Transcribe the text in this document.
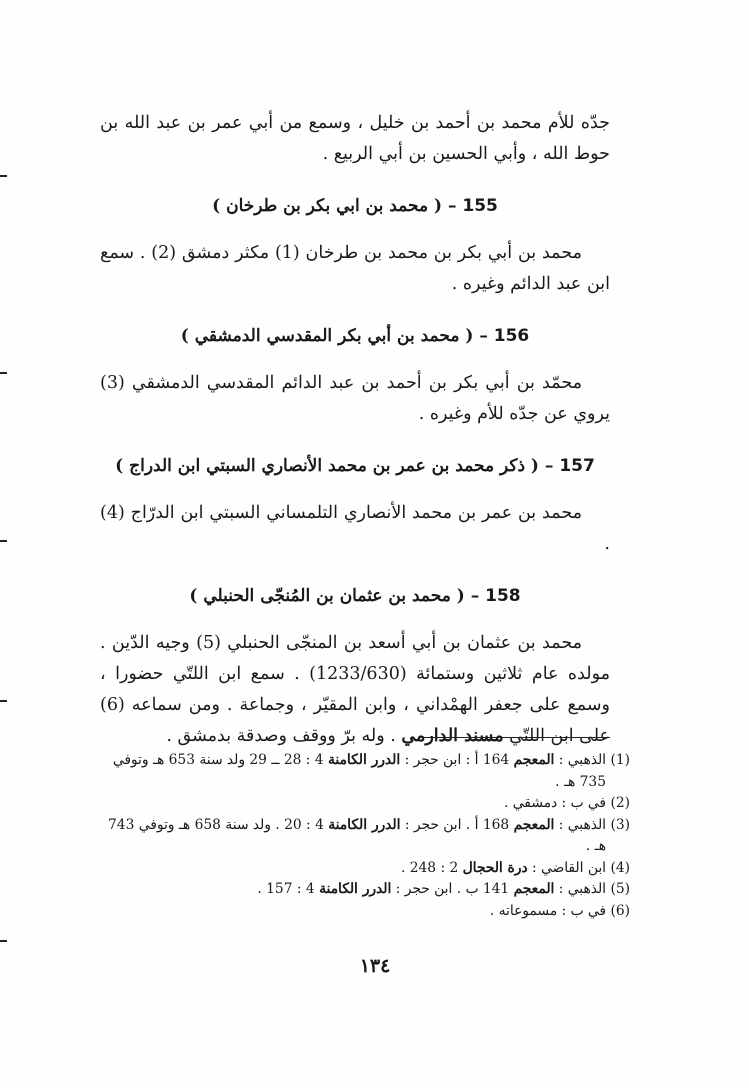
جدّه للأم محمد بن أحمد بن خليل ، وسمع من أبي عمر بن عبد الله بن حوط الله ، وأبي الحسين بن أبي الربيع .

155 – ( محمد بن ابي بكر بن طرخان )

محمد بن أبي بكر بن محمد بن طرخان (1) مكثر دمشق (2) . سمع ابن عبد الدائم وغيره .

156 – ( محمد بن أبي بكر المقدسي الدمشقي )

محمّد بن أبي بكر بن أحمد بن عبد الدائم المقدسي الدمشقي (3) يروي عن جدّه للأم وغيره .

157 – ( ذكر محمد بن عمر بن محمد الأنصاري السبتي ابن الدراج )

محمد بن عمر بن محمد الأنصاري التلمساني السبتي ابن الدرّاج (4) .

158 – ( محمد بن عثمان بن المُنجّى الحنبلي )

محمد بن عثمان بن أبي أسعد بن المنجّى الحنبلي (5) وجيه الدّين . مولده عام ثلاثين وستمائة (1233/630) . سمع ابن اللتّي حضورا ، وسمع على جعفر الهمْداني ، وابن المقيّر ، وجماعة . ومن سماعه (6) على ابن اللتّي مسند الدارمي . وله برّ ووقف وصدقة بدمشق .

(1)
الذهبي : المعجم 164 أ : ابن حجر : الدرر الكامنة 4 : 28 ــ 29 ولد سنة 653 هـ وتوفي 735 هـ .
(2)
في ب : دمشقي .
(3)
الذهبي : المعجم 168 أ . ابن حجر : الدرر الكامنة 4 : 20 . ولد سنة 658 هـ وتوفي 743 هـ .
(4)
ابن القاضي : درة الحجال 2 : 248 .
(5)
الذهبي : المعجم 141 ب . ابن حجر : الدرر الكامنة 4 : 157 .
(6)
في ب : مسموعاته .
١٣٤
